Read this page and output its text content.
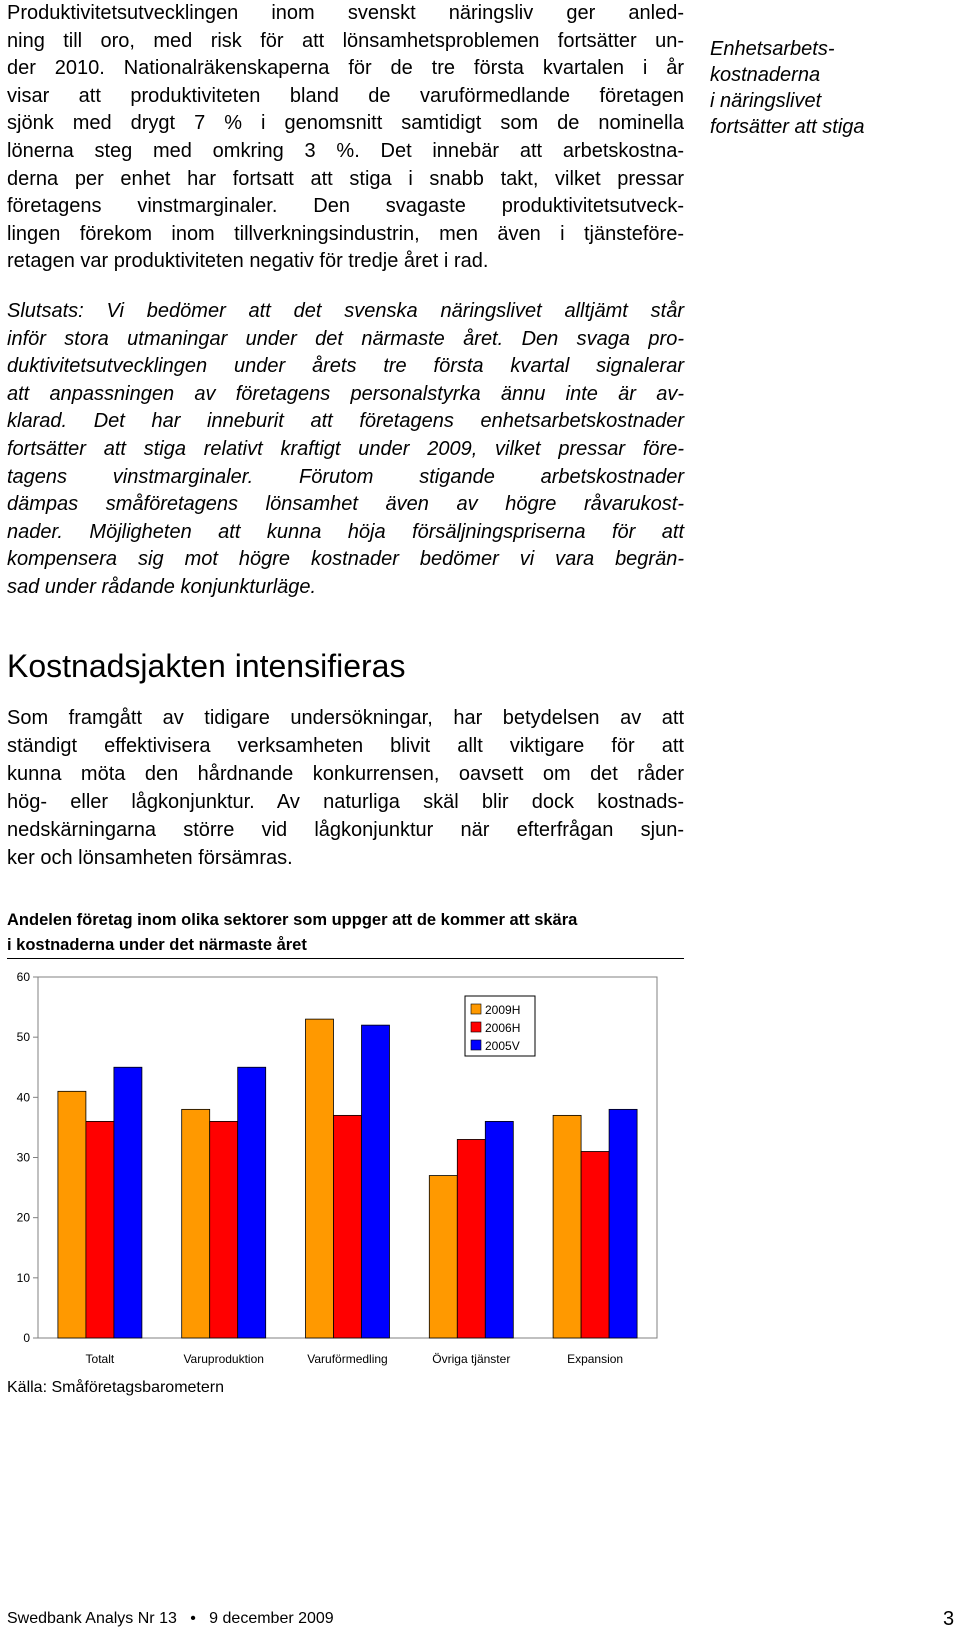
Produktivitetsutvecklingen inom svenskt näringsliv ger anled-
ning till oro, med risk för att lönsamhetsproblemen fortsätter un-
der 2010. Nationalräkenskaperna för de tre första kvartalen i år
visar att produktiviteten bland de varuförmedlande företagen
sjönk med drygt 7 % i genomsnitt samtidigt som de nominella
lönerna steg med omkring 3 %. Det innebär att arbetskostna-
derna per enhet har fortsatt att stiga i snabb takt, vilket pressar
företagens vinstmarginaler. Den svagaste produktivitetsutveck-
lingen förekom inom tillverkningsindustrin, men även i tjänsteföre-
retagen var produktiviteten negativ för tredje året i rad.
Enhetsarbets-
kostnaderna
i näringslivet
fortsätter att stiga
Slutsats: Vi bedömer att det svenska näringslivet alltjämt står
inför stora utmaningar under det närmaste året. Den svaga pro-
duktivitetsutvecklingen under årets tre första kvartal signalerar
att anpassningen av företagens personalstyrka ännu inte är av-
klarad. Det har inneburit att företagens enhetsarbetskostnader
fortsätter att stiga relativt kraftigt under 2009, vilket pressar före-
tagens vinstmarginaler. Förutom stigande arbetskostnader
dämpas småföretagens lönsamhet även av högre råvarukost-
nader. Möjligheten att kunna höja försäljningspriserna för att
kompensera sig mot högre kostnader bedömer vi vara begrän-
sad under rådande konjunkturläge.
Kostnadsjakten intensifieras
Som framgått av tidigare undersökningar, har betydelsen av att
ständigt effektivisera verksamheten blivit allt viktigare för att
kunna möta den hårdnande konkurrensen, oavsett om det råder
hög- eller lågkonjunktur. Av naturliga skäl blir dock kostnads-
nedskärningarna större vid lågkonjunktur när efterfrågan sjun-
ker och lönsamheten försämras.
Andelen företag inom olika sektorer som uppger att de kommer att skära
i kostnaderna under det närmaste året
0
10
20
30
40
50
60
Totalt	Varuproduktion	Varuförmedling	Övriga tjänster	Expansion
2009H
2006H
2005V

Källa: Småföretagsbarometern

Swedbank Analys Nr 13 • 9 december 2009	3
